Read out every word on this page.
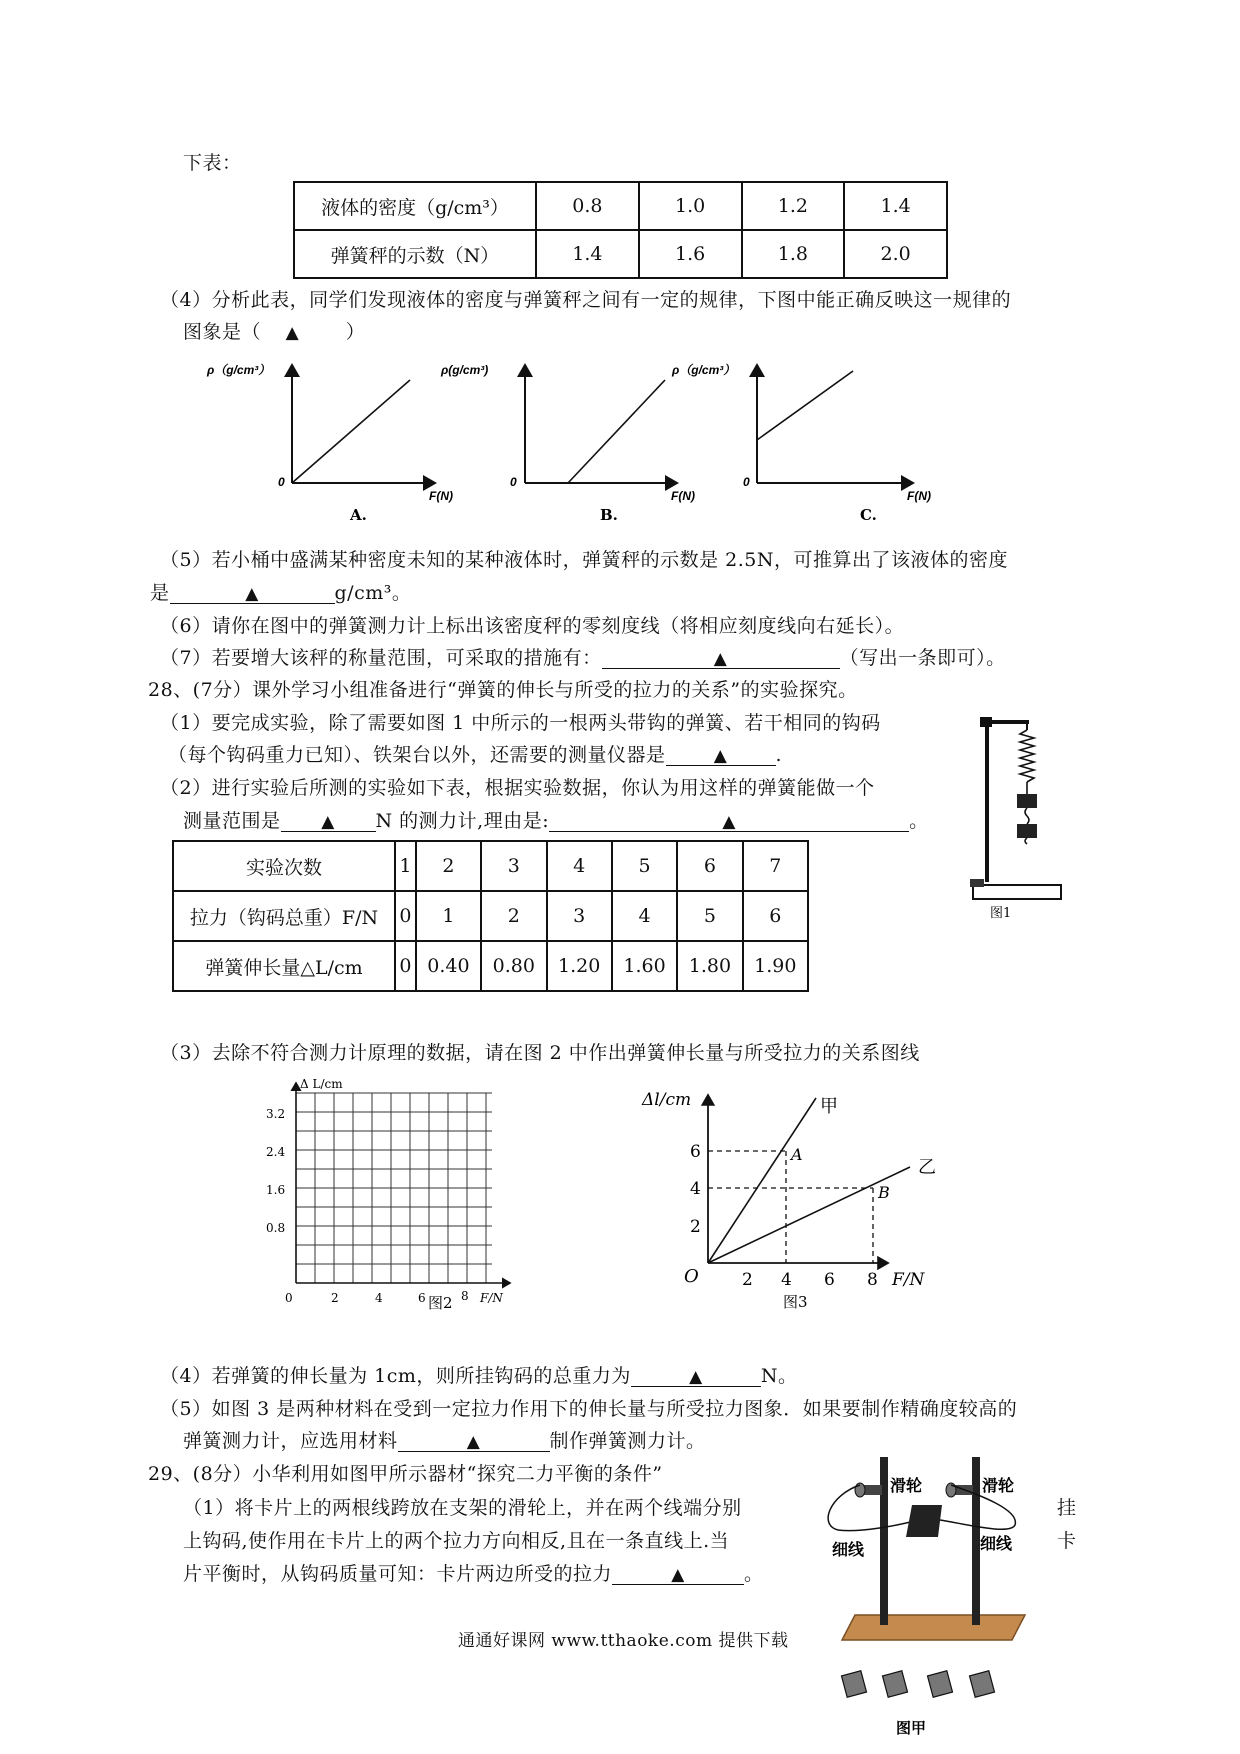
下表：
液体的密度（g/cm³）	0.8	1.0	1.2	1.4
弹簧秤的示数（N）	1.4	1.6	1.8	2.0
（4）分析此表，同学们发现液体的密度与弹簧秤之间有一定的规律，下图中能正确反映这一规律的
图象是（ ▲ ）
ρ（g/cm³）
0
F(N)
A.
ρ(g/cm³)
0
F(N)
B.
ρ（g/cm³）
0
F(N)
C.
（5）若小桶中盛满某种密度未知的某种液体时，弹簧秤的示数是 2.5N，可推算出了该液体的密度
是	▲	g/cm³。
（6）请你在图中的弹簧测力计上标出该密度秤的零刻度线（将相应刻度线向右延长）。
（7）若要增大该秤的称量范围，可采取的措施有：	▲	（写出一条即可）。
28、(7分）课外学习小组准备进行“弹簧的伸长与所受的拉力的关系”的实验探究。
（1）要完成实验，除了需要如图 1 中所示的一根两头带钩的弹簧、若干相同的钩码
（每个钩码重力已知）、铁架台以外，还需要的测量仪器是	▲	.
（2）进行实验后所测的实验如下表，根据实验数据，你认为用这样的弹簧能做一个
测量范围是 ▲ N 的测力计,理由是:	▲	。
图1
实验次数	1	2	3	4	5	6	7
拉力（钩码总重）F/N	0	1	2	3	4	5	6
弹簧伸长量△L/cm	0	0.40	0.80	1.20	1.60	1.80	1.90
（3）去除不符合测力计原理的数据，请在图 2 中作出弹簧伸长量与所受拉力的关系图线
Δ L/cm
3.2
2.4
1.6
0.8
0	2	4	6	8 F/N
图2
Δl/cm
6
4
2
O	2 4 6 8 F/N
图3
甲
乙
A
B
（4）若弹簧的伸长量为 1cm，则所挂钩码的总重力为	▲	N。
（5）如图 3 是两种材料在受到一定拉力作用下的伸长量与所受拉力图象．如果要制作精确度较高的
弹簧测力计，应选用材料	▲	制作弹簧测力计。
29、(8分）小华利用如图甲所示器材“探究二力平衡的条件”
（1）将卡片上的两根线跨放在支架的滑轮上，并在两个线端分别
上钩码,使作用在卡片上的两个拉力方向相反,且在一条直线上.当
片平衡时，从钩码质量可知：卡片两边所受的拉力	▲	。
挂
卡
滑轮	滑轮
细线	细线
图甲
通通好课网 www.tthaoke.com 提供下载
